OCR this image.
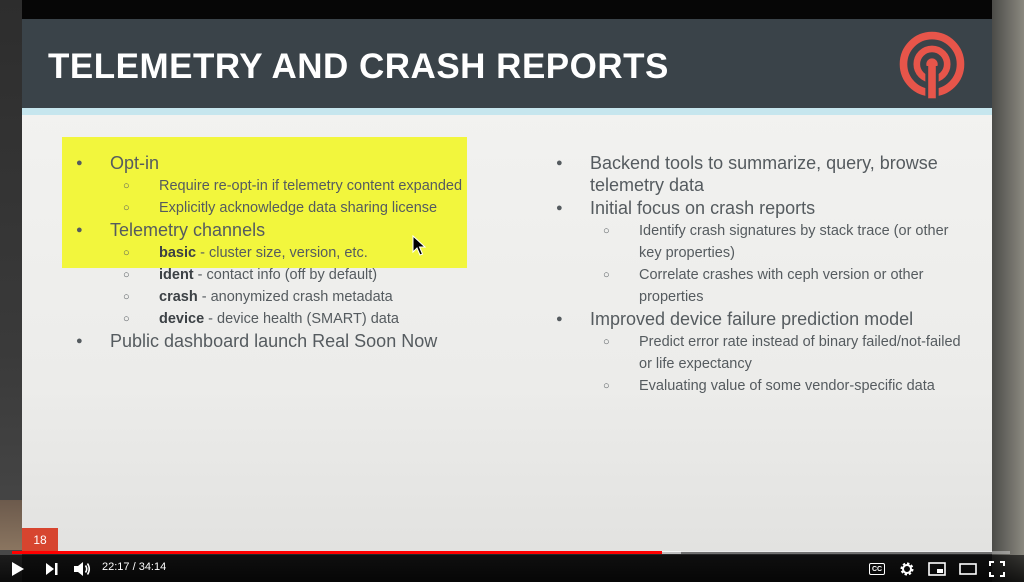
TELEMETRY AND CRASH REPORTS
● Opt-in
○ Require re-opt-in if telemetry content expanded
○ Explicitly acknowledge data sharing license
● Telemetry channels
○ basic - cluster size, version, etc.
○ ident - contact info (off by default)
○ crash - anonymized crash metadata
○ device - device health (SMART) data
● Public dashboard launch Real Soon Now
● Backend tools to summarize, query, browse telemetry data
● Initial focus on crash reports
○ Identify crash signatures by stack trace (or other key properties)
○ Correlate crashes with ceph version or other properties
● Improved device failure prediction model
○ Predict error rate instead of binary failed/not-failed or life expectancy
○ Evaluating value of some vendor-specific data
18
22:17 / 34:14	CC
